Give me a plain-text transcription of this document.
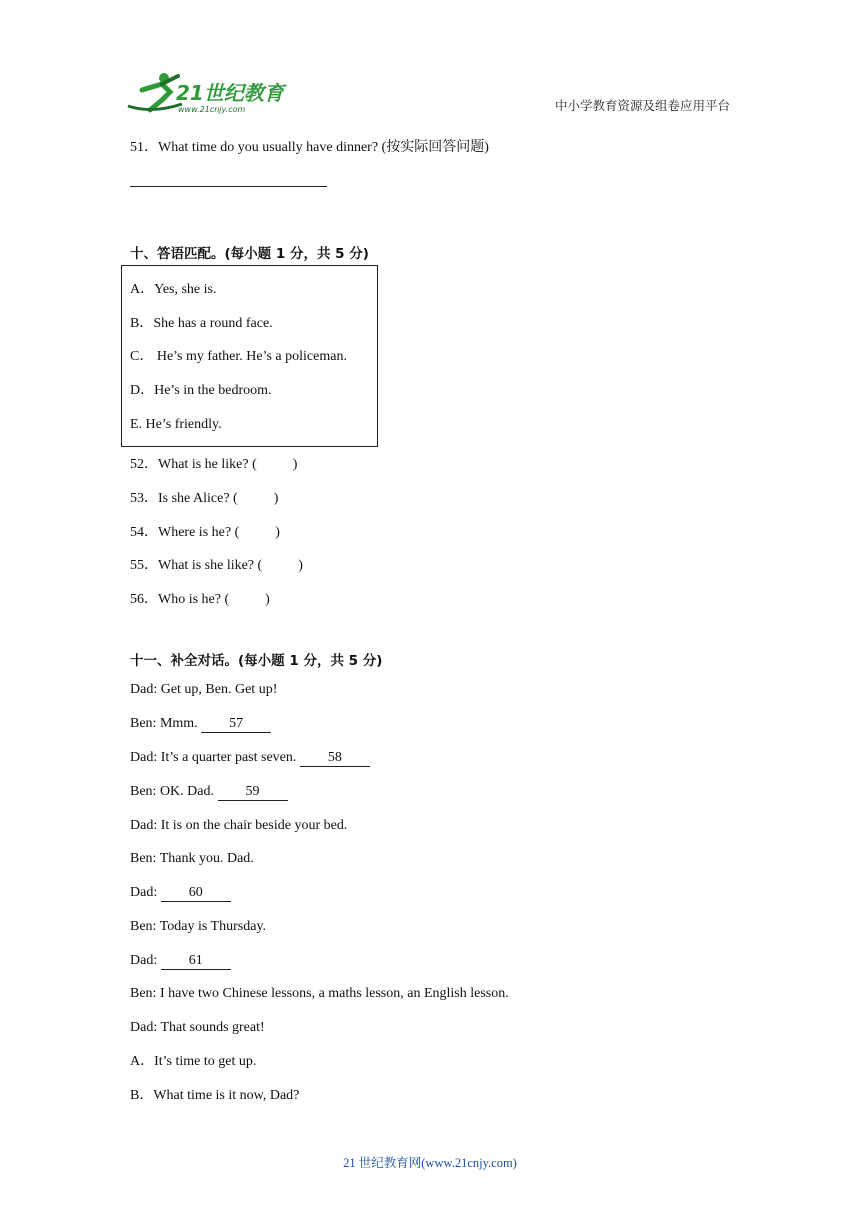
21世纪教育
www.21cnjy.com	中小学教育资源及组卷应用平台
51．What time do you usually have dinner? (按实际回答问题)
十、答语匹配。(每小题 1 分，共 5 分)
A．Yes, she is.
B．She has a round face.
C． He’s my father. He’s a policeman.
D．He’s in the bedroom.
E. He’s friendly.
52．What is he like? (	)
53．Is she Alice? (	)
54．Where is he? (	)
55．What is she like? (	)
56．Who is he? (	)
十一、补全对话。(每小题 1 分，共 5 分)
Dad: Get up, Ben. Get up!
Ben: Mmm. 57
Dad: It’s a quarter past seven. 58
Ben: OK. Dad. 59
Dad: It is on the chair beside your bed.
Ben: Thank you. Dad.
Dad: 60
Ben: Today is Thursday.
Dad: 61
Ben: I have two Chinese lessons, a maths lesson, an English lesson.
Dad: That sounds great!
A．It’s time to get up.
B．What time is it now, Dad?
21 世纪教育网(www.21cnjy.com)
